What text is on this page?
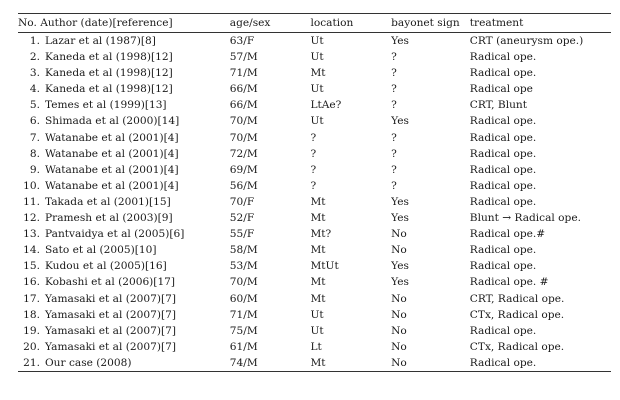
No. Author (date)[reference]	age/sex	location	bayonet sign	treatment
1. Lazar et al (1987)[8]	63/F	Ut	Yes	CRT (aneurysm ope.)
2. Kaneda et al (1998)[12]	57/M	Ut	?	Radical ope.
3. Kaneda et al (1998)[12]	71/M	Mt	?	Radical ope.
4. Kaneda et al (1998)[12]	66/M	Ut	?	Radical ope
5. Temes et al (1999)[13]	66/M	LtAe?	?	CRT, Blunt
6. Shimada et al (2000)[14]	70/M	Ut	Yes	Radical ope.
7. Watanabe et al (2001)[4]	70/M	?	?	Radical ope.
8. Watanabe et al (2001)[4]	72/M	?	?	Radical ope.
9. Watanabe et al (2001)[4]	69/M	?	?	Radical ope.
10. Watanabe et al (2001)[4]	56/M	?	?	Radical ope.
11. Takada et al (2001)[15]	70/F	Mt	Yes	Radical ope.
12. Pramesh et al (2003)[9]	52/F	Mt	Yes	Blunt → Radical ope.
13. Pantvaidya et al (2005)[6]	55/F	Mt?	No	Radical ope.#
14. Sato et al (2005)[10]	58/M	Mt	No	Radical ope.
15. Kudou et al (2005)[16]	53/M	MtUt	Yes	Radical ope.
16. Kobashi et al (2006)[17]	70/M	Mt	Yes	Radical ope. #
17. Yamasaki et al (2007)[7]	60/M	Mt	No	CRT, Radical ope.
18. Yamasaki et al (2007)[7]	71/M	Ut	No	CTx, Radical ope.
19. Yamasaki et al (2007)[7]	75/M	Ut	No	Radical ope.
20. Yamasaki et al (2007)[7]	61/M	Lt	No	CTx, Radical ope.
21. Our case (2008)	74/M	Mt	No	Radical ope.
